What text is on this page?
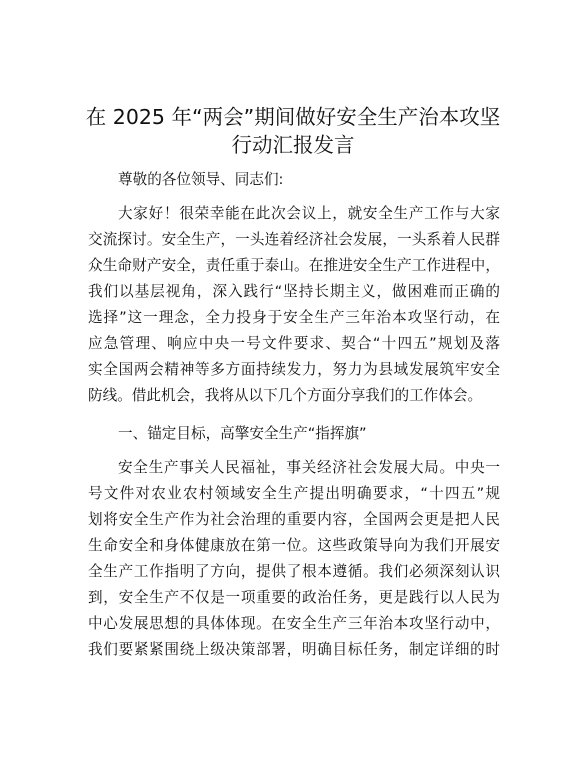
在 2025 年“两会”期间做好安全生产治本攻坚
行动汇报发言

尊敬的各位领导、同志们:

大家好！很荣幸能在此次会议上，就安全生产工作与大家

交流探讨。安全生产，一头连着经济社会发展，一头系着人民群

众生命财产安全，责任重于泰山。在推进安全生产工作进程中，

我们以基层视角，深入践行“坚持长期主义，做困难而正确的

选择”这一理念，全力投身于安全生产三年治本攻坚行动，在

应急管理、响应中央一号文件要求、契合“十四五”规划及落

实全国两会精神等多方面持续发力，努力为县域发展筑牢安全

防线。借此机会，我将从以下几个方面分享我们的工作体会。

一、锚定目标，高擎安全生产“指挥旗”

安全生产事关人民福祉，事关经济社会发展大局。中央一

号文件对农业农村领域安全生产提出明确要求，“十四五”规

划将安全生产作为社会治理的重要内容，全国两会更是把人民

生命安全和身体健康放在第一位。这些政策导向为我们开展安

全生产工作指明了方向，提供了根本遵循。我们必须深刻认识

到，安全生产不仅是一项重要的政治任务，更是践行以人民为

中心发展思想的具体体现。在安全生产三年治本攻坚行动中，

我们要紧紧围绕上级决策部署，明确目标任务，制定详细的时
